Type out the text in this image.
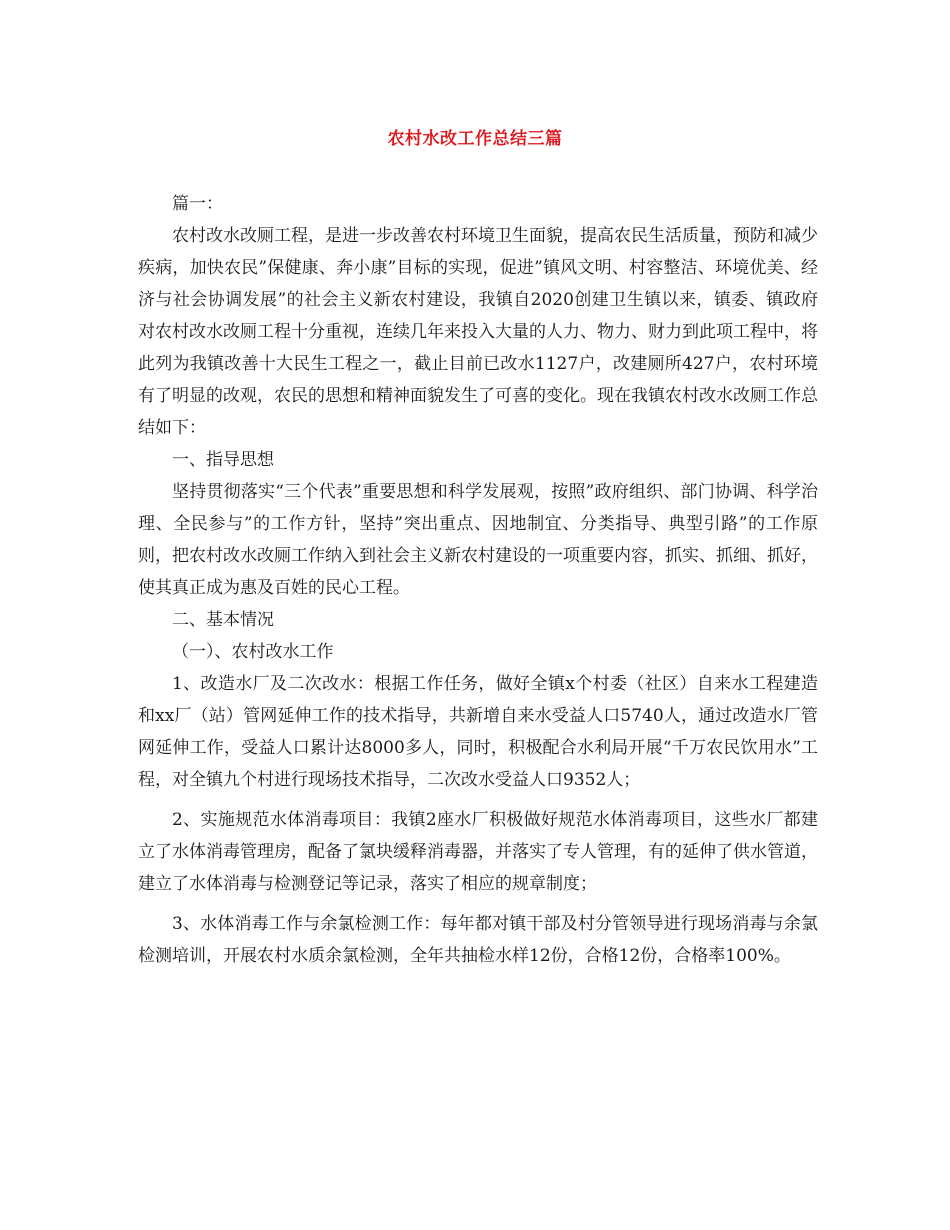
农村水改工作总结三篇

篇一：

农村改水改厕工程，是进一步改善农村环境卫生面貌，提高农民生活质量，预防和减少疾病，加快农民”保健康、奔小康”目标的实现，促进”镇风文明、村容整洁、环境优美、经济与社会协调发展”的社会主义新农村建设，我镇自2020创建卫生镇以来，镇委、镇政府对农村改水改厕工程十分重视，连续几年来投入大量的人力、物力、财力到此项工程中，将此列为我镇改善十大民生工程之一，截止目前已改水1127户，改建厕所427户，农村环境有了明显的改观，农民的思想和精神面貌发生了可喜的变化。现在我镇农村改水改厕工作总结如下：

一、指导思想

坚持贯彻落实“三个代表”重要思想和科学发展观，按照”政府组织、部门协调、科学治理、全民参与”的工作方针，坚持”突出重点、因地制宜、分类指导、典型引路”的工作原则，把农村改水改厕工作纳入到社会主义新农村建设的一项重要内容，抓实、抓细、抓好，使其真正成为惠及百姓的民心工程。

二、基本情况

（一）、农村改水工作

1、改造水厂及二次改水：根据工作任务，做好全镇x个村委（社区）自来水工程建造和xx厂（站）管网延伸工作的技术指导，共新增自来水受益人口5740人，通过改造水厂管网延伸工作，受益人口累计达8000多人，同时，积极配合水利局开展“千万农民饮用水”工程，对全镇九个村进行现场技术指导，二次改水受益人口9352人；

2、实施规范水体消毒项目：我镇2座水厂积极做好规范水体消毒项目，这些水厂都建立了水体消毒管理房，配备了氯块缓释消毒器，并落实了专人管理，有的延伸了供水管道，建立了水体消毒与检测登记等记录，落实了相应的规章制度；

3、水体消毒工作与余氯检测工作：每年都对镇干部及村分管领导进行现场消毒与余氯检测培训，开展农村水质余氯检测，全年共抽检水样12份，合格12份，合格率100%。
